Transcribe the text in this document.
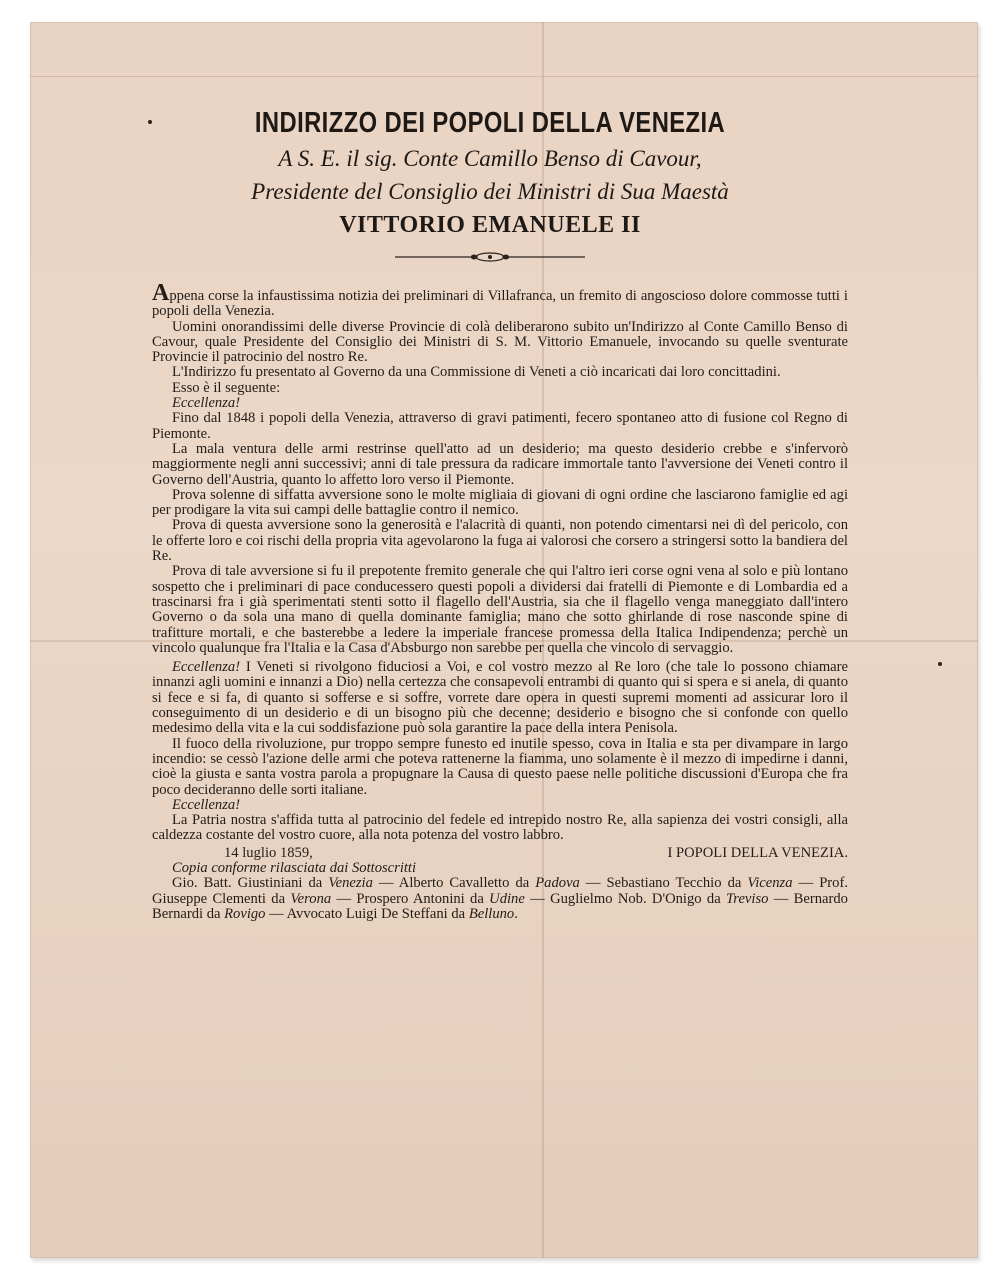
INDIRIZZO DEI POPOLI DELLA VENEZIA

A S. E. il sig. Conte Camillo Benso di Cavour,

Presidente del Consiglio dei Ministri di Sua Maestà

VITTORIO EMANUELE II

Appena corse la infaustissima notizia dei preliminari di Villafranca, un fremito di angoscioso dolore commosse tutti i popoli della Venezia.

Uomini onorandissimi delle diverse Provincie di colà deliberarono subito un'Indirizzo al Conte Camillo Benso di Cavour, quale Presidente del Consiglio dei Ministri di S. M. Vittorio Emanuele, invocando su quelle sventurate Provincie il patrocinio del nostro Re.

L'Indirizzo fu presentato al Governo da una Commissione di Veneti a ciò incaricati dai loro concittadini.

Esso è il seguente:

Eccellenza!

Fino dal 1848 i popoli della Venezia, attraverso di gravi patimenti, fecero spontaneo atto di fusione col Regno di Piemonte.

La mala ventura delle armi restrinse quell'atto ad un desiderio; ma questo desiderio crebbe e s'infervorò maggiormente negli anni successivi; anni di tale pressura da radicare immortale tanto l'avversione dei Veneti contro il Governo dell'Austria, quanto lo affetto loro verso il Piemonte.

Prova solenne di siffatta avversione sono le molte migliaia di giovani di ogni ordine che lasciarono famiglie ed agi per prodigare la vita sui campi delle battaglie contro il nemico.

Prova di questa avversione sono la generosità e l'alacrità di quanti, non potendo cimentarsi nei dì del pericolo, con le offerte loro e coi rischi della propria vita agevolarono la fuga ai valorosi che corsero a stringersi sotto la bandiera del Re.

Prova di tale avversione si fu il prepotente fremito generale che qui l'altro ieri corse ogni vena al solo e più lontano sospetto che i preliminari di pace conducessero questi popoli a dividersi dai fratelli di Piemonte e di Lombardia ed a trascinarsi fra i già sperimentati stenti sotto il flagello dell'Austria, sia che il flagello venga maneggiato dall'intero Governo o da sola una mano di quella dominante famiglia; mano che sotto ghirlande di rose nasconde spine di trafitture mortali, e che basterebbe a ledere la imperiale francese promessa della Italica Indipendenza; perchè un vincolo qualunque fra l'Italia e la Casa d'Absburgo non sarebbe per quella che vincolo di servaggio.

Eccellenza! I Veneti si rivolgono fiduciosi a Voi, e col vostro mezzo al Re loro (che tale lo possono chiamare innanzi agli uomini e innanzi a Dio) nella certezza che consapevoli entrambi di quanto qui si spera e si anela, di quanto si fece e si fa, di quanto si sofferse e si soffre, vorrete dare opera in questi supremi momenti ad assicurar loro il conseguimento di un desiderio e di un bisogno più che decenne; desiderio e bisogno che si confonde con quello medesimo della vita e la cui soddisfazione può sola garantire la pace della intera Penisola.

Il fuoco della rivoluzione, pur troppo sempre funesto ed inutile spesso, cova in Italia e sta per divampare in largo incendio: se cessò l'azione delle armi che poteva rattenerne la fiamma, uno solamente è il mezzo di impedirne i danni, cioè la giusta e santa vostra parola a propugnare la Causa di questo paese nelle politiche discussioni d'Europa che fra poco decideranno delle sorti italiane.

Eccellenza!

La Patria nostra s'affida tutta al patrocinio del fedele ed intrepido nostro Re, alla sapienza dei vostri consigli, alla caldezza costante del vostro cuore, alla nota potenza del vostro labbro.

14 luglio 1859,	I POPOLI DELLA VENEZIA.

Copia conforme rilasciata dai Sottoscritti

Gio. Batt. Giustiniani da Venezia — Alberto Cavalletto da Padova — Sebastiano Tecchio da Vicenza — Prof. Giuseppe Clementi da Verona — Prospero Antonini da Udine — Guglielmo Nob. D'Onigo da Treviso — Bernardo Bernardi da Rovigo — Avvocato Luigi De Steffani da Belluno.
